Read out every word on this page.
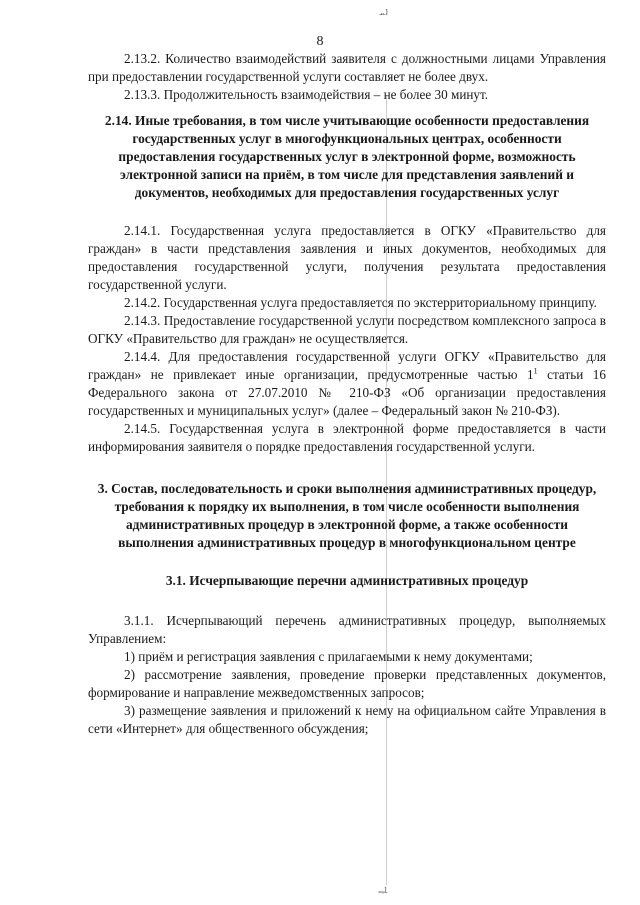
ᆈ
8

2.13.2. Количество взаимодействий заявителя с должностными лицами Управления при предоставлении государственной услуги составляет не более двух.

2.13.3. Продолжительность взаимодействия – не более 30 минут.

2.14. Иные требования, в том числе учитывающие особенности предоставления государственных услуг в многофункциональных центрах, особенности предоставления государственных услуг в электронной форме, возможность электронной записи на приём, в том числе для представления заявлений и документов, необходимых для предоставления государственных услуг

2.14.1. Государственная услуга предоставляется в ОГКУ «Правительство для граждан» в части представления заявления и иных документов, необходимых для предоставления государственной услуги, получения результата предоставления государственной услуги.

2.14.2. Государственная услуга предоставляется по экстерриториальному принципу.

2.14.3. Предоставление государственной услуги посредством комплексного запроса в ОГКУ «Правительство для граждан» не осуществляется.

2.14.4. Для предоставления государственной услуги ОГКУ «Правительство для граждан» не привлекает иные организации, предусмотренные частью $1^1$ статьи 16 Федерального закона от 27.07.2010 № 210-ФЗ «Об организации предоставления государственных и муниципальных услуг» (далее – Федеральный закон № 210-ФЗ).

2.14.5. Государственная услуга в электронной форме предоставляется в части информирования заявителя о порядке предоставления государственной услуги.

3. Состав, последовательность и сроки выполнения административных процедур, требования к порядку их выполнения, в том числе особенности выполнения административных процедур в электронной форме, а также особенности выполнения административных процедур в многофункциональном центре

3.1. Исчерпывающие перечни административных процедур

3.1.1. Исчерпывающий перечень административных процедур, выполняемых Управлением:

1) приём и регистрация заявления с прилагаемыми к нему документами;

2) рассмотрение заявления, проведение проверки представленных документов, формирование и направление межведомственных запросов;

3) размещение заявления и приложений к нему на официальном сайте Управления в сети «Интернет» для общественного обсуждения;

ᆗ
